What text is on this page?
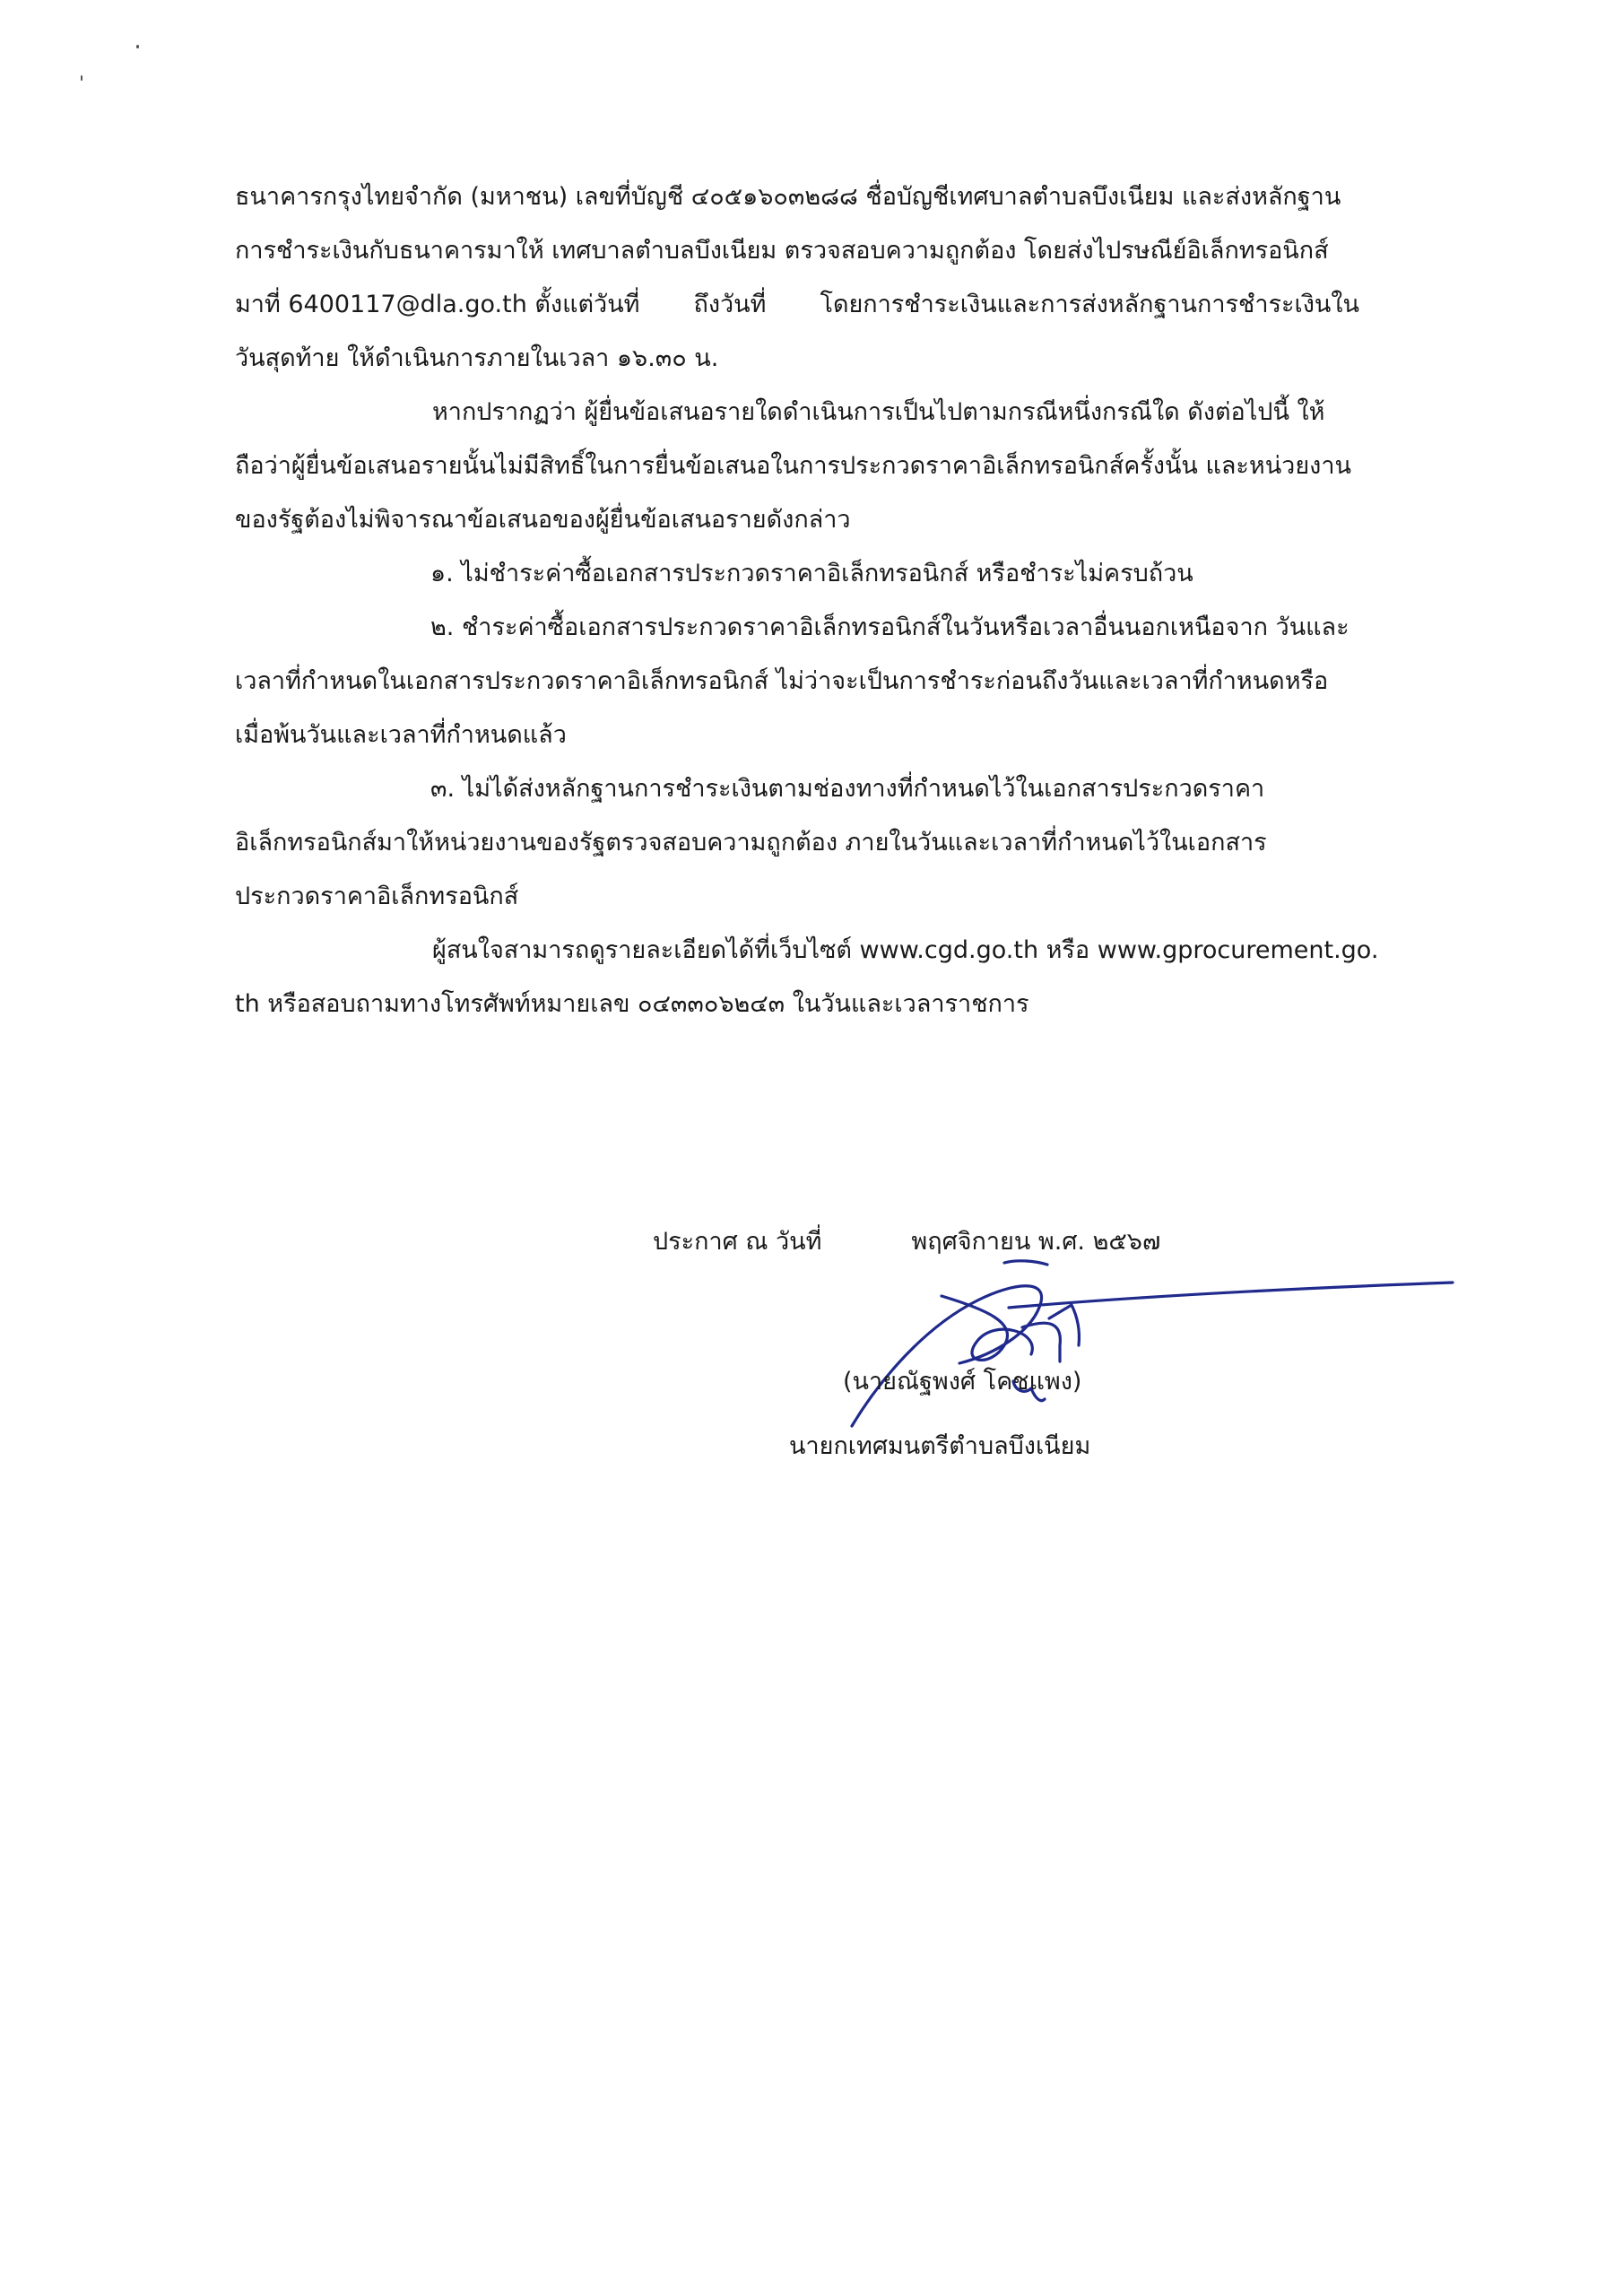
ธนาคารกรุงไทยจำกัด (มหาชน) เลขที่บัญชี ๔๐๕๑๖๐๓๒๘๘ ชื่อบัญชีเทศบาลตำบลบึงเนียม และส่งหลักฐาน
การชำระเงินกับธนาคารมาให้ เทศบาลตำบลบึงเนียม ตรวจสอบความถูกต้อง โดยส่งไปรษณีย์อิเล็กทรอนิกส์
มาที่ 6400117@dla.go.th ตั้งแต่วันที่ ถึงวันที่ โดยการชำระเงินและการส่งหลักฐานการชำระเงินใน
วันสุดท้าย ให้ดำเนินการภายในเวลา ๑๖.๓๐ น.
หากปรากฏว่า ผู้ยื่นข้อเสนอรายใดดำเนินการเป็นไปตามกรณีหนึ่งกรณีใด ดังต่อไปนี้ ให้
ถือว่าผู้ยื่นข้อเสนอรายนั้นไม่มีสิทธิ์ในการยื่นข้อเสนอในการประกวดราคาอิเล็กทรอนิกส์ครั้งนั้น และหน่วยงาน
ของรัฐต้องไม่พิจารณาข้อเสนอของผู้ยื่นข้อเสนอรายดังกล่าว
๑. ไม่ชำระค่าซื้อเอกสารประกวดราคาอิเล็กทรอนิกส์ หรือชำระไม่ครบถ้วน
๒. ชำระค่าซื้อเอกสารประกวดราคาอิเล็กทรอนิกส์ในวันหรือเวลาอื่นนอกเหนือจาก วันและ
เวลาที่กำหนดในเอกสารประกวดราคาอิเล็กทรอนิกส์ ไม่ว่าจะเป็นการชำระก่อนถึงวันและเวลาที่กำหนดหรือ
เมื่อพ้นวันและเวลาที่กำหนดแล้ว
๓. ไม่ได้ส่งหลักฐานการชำระเงินตามช่องทางที่กำหนดไว้ในเอกสารประกวดราคา
อิเล็กทรอนิกส์มาให้หน่วยงานของรัฐตรวจสอบความถูกต้อง ภายในวันและเวลาที่กำหนดไว้ในเอกสาร
ประกวดราคาอิเล็กทรอนิกส์
ผู้สนใจสามารถดูรายละเอียดได้ที่เว็บไซต์ www.cgd.go.th หรือ www.gprocurement.go.
th หรือสอบถามทางโทรศัพท์หมายเลข ๐๔๓๓๐๖๒๔๓ ในวันและเวลาราชการ
ประกาศ ณ วันที่	พฤศจิกายน พ.ศ. ๒๕๖๗
(นายณัฐพงศ์ โคชแพง)
นายกเทศมนตรีตำบลบึงเนียม
